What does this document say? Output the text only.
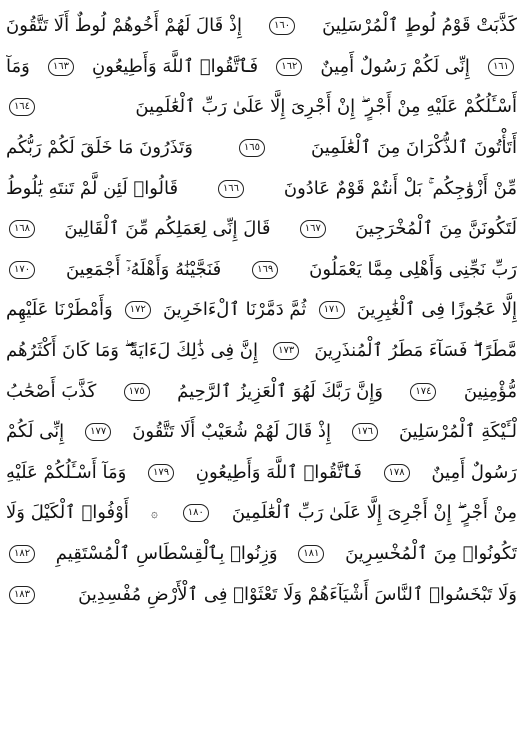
كَذَّبَتْ قَوْمُ لُوطٍ ٱلْمُرْسَلِينَ
١٦٠
إِذْ قَالَ لَهُمْ أَخُوهُمْ لُوطٌ أَلَا تَتَّقُونَ
١٦١
إِنِّى لَكُمْ رَسُولٌ أَمِينٌ
١٦٢
فَٱتَّقُوا۟ ٱللَّهَ وَأَطِيعُونِ
١٦٣
وَمَآ
أَسْـَٔلُكُمْ عَلَيْهِ مِنْ أَجْرٍ ۖ إِنْ أَجْرِىَ إِلَّا عَلَىٰ رَبِّ ٱلْعَٰلَمِينَ
١٦٤
أَتَأْتُونَ ٱلذُّكْرَانَ مِنَ ٱلْعَٰلَمِينَ
١٦٥
وَتَذَرُونَ مَا خَلَقَ لَكُمْ رَبُّكُم
مِّنْ أَزْوَٰجِكُم ۚ بَلْ أَنتُمْ قَوْمٌ عَادُونَ
١٦٦
قَالُوا۟ لَئِن لَّمْ تَنتَهِ يَٰلُوطُ
لَتَكُونَنَّ مِنَ ٱلْمُخْرَجِينَ
١٦٧
قَالَ إِنِّى لِعَمَلِكُم مِّنَ ٱلْقَالِينَ
١٦٨
رَبِّ نَجِّنِى وَأَهْلِى مِمَّا يَعْمَلُونَ
١٦٩
فَنَجَّيْنَٰهُ وَأَهْلَهُۥٓ أَجْمَعِينَ
١٧٠
إِلَّا عَجُوزًا فِى ٱلْغَٰبِرِينَ
١٧١
ثُمَّ دَمَّرْنَا ٱلْءَاخَرِينَ
١٧٢
وَأَمْطَرْنَا عَلَيْهِم
مَّطَرًا ۖ فَسَآءَ مَطَرُ ٱلْمُنذَرِينَ
١٧٣
إِنَّ فِى ذَٰلِكَ لَءَايَةً ۖ وَمَا كَانَ أَكْثَرُهُم
مُّؤْمِنِينَ
١٧٤
وَإِنَّ رَبَّكَ لَهُوَ ٱلْعَزِيزُ ٱلرَّحِيمُ
١٧٥
كَذَّبَ أَصْحَٰبُ
لْـَٔيْكَةِ ٱلْمُرْسَلِينَ
١٧٦
إِذْ قَالَ لَهُمْ شُعَيْبٌ أَلَا تَتَّقُونَ
١٧٧
إِنِّى لَكُمْ
رَسُولٌ أَمِينٌ
١٧٨
فَٱتَّقُوا۟ ٱللَّهَ وَأَطِيعُونِ
١٧٩
وَمَآ أَسْـَٔلُكُمْ عَلَيْهِ
مِنْ أَجْرٍ ۖ إِنْ أَجْرِىَ إِلَّا عَلَىٰ رَبِّ ٱلْعَٰلَمِينَ
١٨٠
۞
أَوْفُوا۟ ٱلْكَيْلَ وَلَا
تَكُونُوا۟ مِنَ ٱلْمُخْسِرِينَ
١٨١
وَزِنُوا۟ بِٱلْقِسْطَاسِ ٱلْمُسْتَقِيمِ
١٨٢
وَلَا تَبْخَسُوا۟ ٱلنَّاسَ أَشْيَآءَهُمْ وَلَا تَعْثَوْا۟ فِى ٱلْأَرْضِ مُفْسِدِينَ
١٨٣
